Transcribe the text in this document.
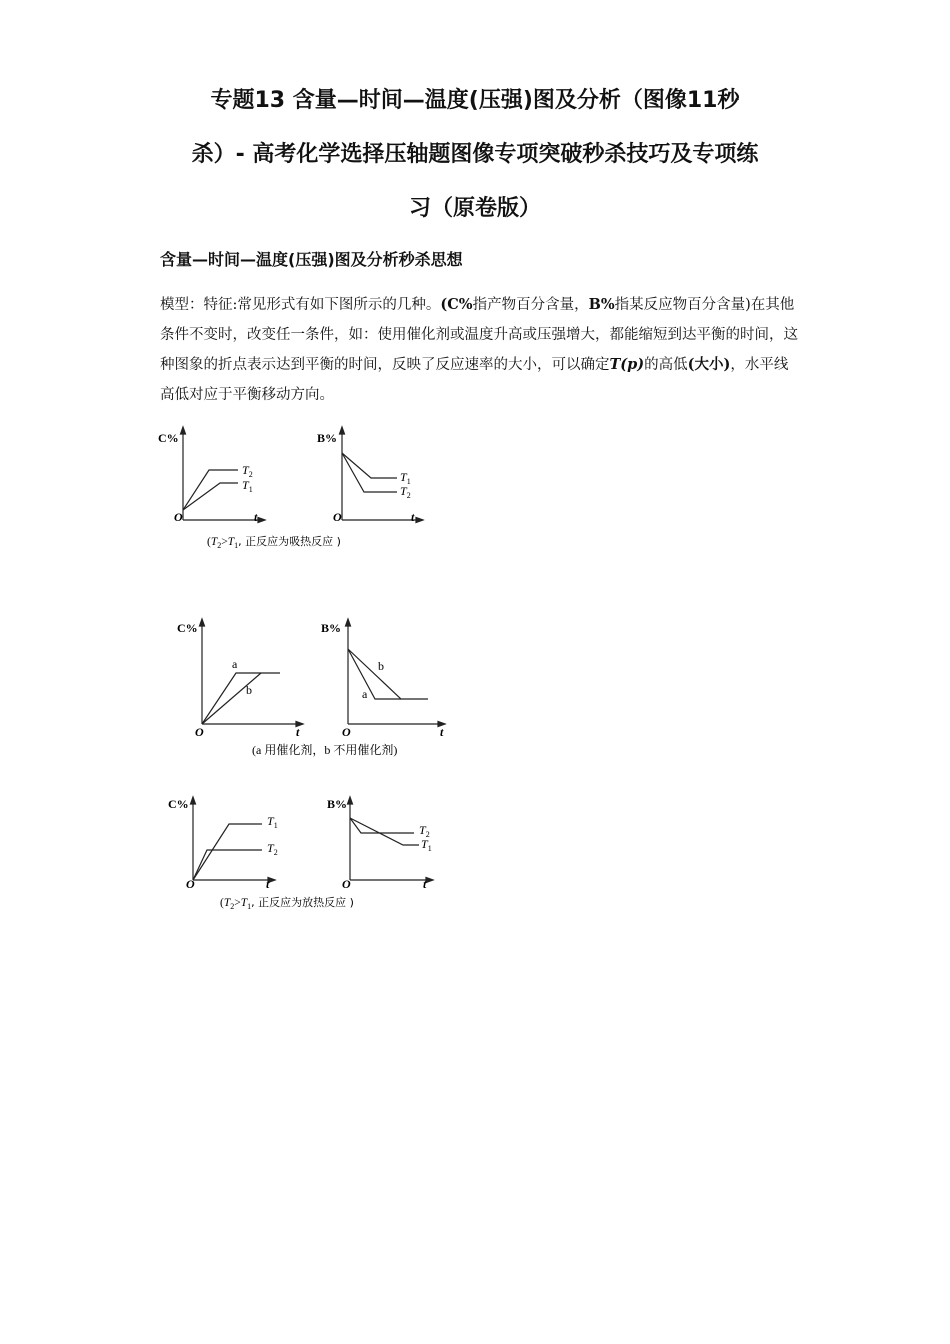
专题13 含量—时间—温度(压强)图及分析（图像11秒
杀）- 高考化学选择压轴题图像专项突破秒杀技巧及专项练
习（原卷版）
含量—时间—温度(压强)图及分析秒杀思想
模型：特征:常见形式有如下图所示的几种。(C%指产物百分含量，B%指某反应物百分含量)在其他条件不变时，改变任一条件，如：使用催化剂或温度升高或压强增大，都能缩短到达平衡的时间，这种图象的折点表示达到平衡的时间，反映了反应速率的大小，可以确定T(p)的高低(大小)，水平线高低对应于平衡移动方向。
C%
O	t
$T_2$
$T_1$
B%
O	t
$T_1$
$T_2$
($T_2>T_1$, 正反应为吸热反应 )
C%
O	t
a
b
B%
O	t
b
a
(a 用催化剂，b 不用催化剂)
C%
O	t
$T_1$
$T_2$
B%
O	t
$T_2$
$T_1$
($T_2>T_1$, 正反应为放热反应 )
